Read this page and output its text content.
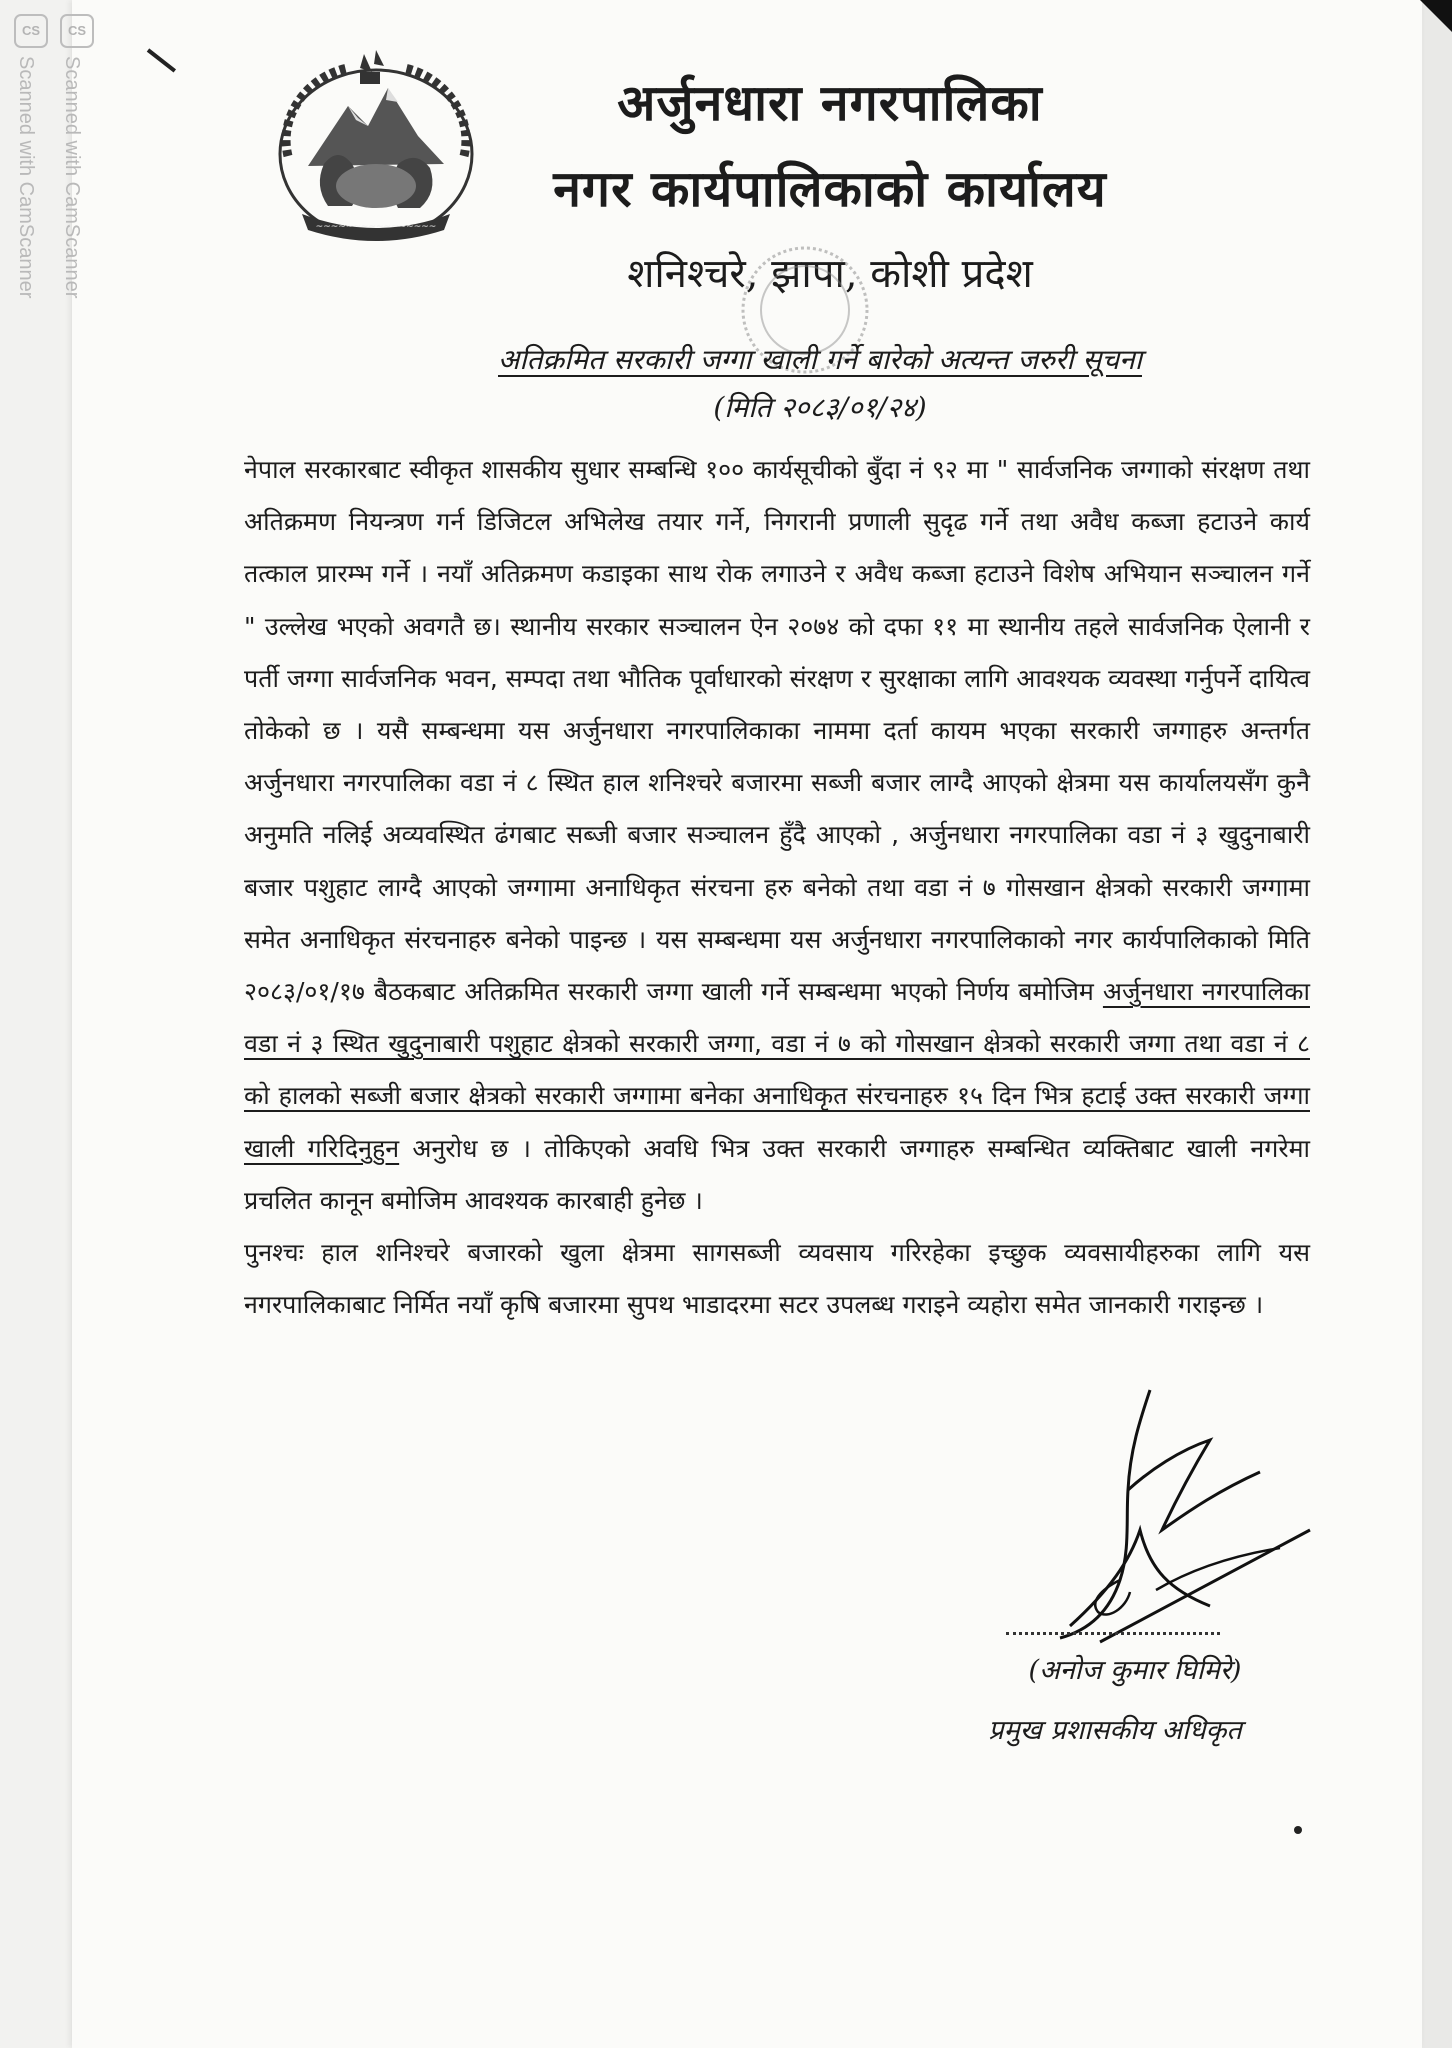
CS
Scanned with CamScanner
CS
Scanned with CamScanner	~~~~~~~~~~~~~~~~
अर्जुनधारा नगरपालिका
नगर कार्यपालिकाको कार्यालय
शनिश्चरे, झापा, कोशी प्रदेश
अतिक्रमित सरकारी जग्गा खाली गर्ने बारेको अत्यन्त जरुरी सूचना
(मिति २०८३/०१/२४)

नेपाल सरकारबाट स्वीकृत शासकीय सुधार सम्बन्धि १०० कार्यसूचीको बुँदा नं ९२ मा " सार्वजनिक जग्गाको संरक्षण तथा अतिक्रमण नियन्त्रण गर्न डिजिटल अभिलेख तयार गर्ने, निगरानी प्रणाली सुदृढ गर्ने तथा अवैध कब्जा हटाउने कार्य तत्काल प्रारम्भ गर्ने । नयाँ अतिक्रमण कडाइका साथ रोक लगाउने र अवैध कब्जा हटाउने विशेष अभियान सञ्चालन गर्ने " उल्लेख भएको अवगतै छ। स्थानीय सरकार सञ्चालन ऐन २०७४ को दफा ११ मा स्थानीय तहले सार्वजनिक ऐलानी र पर्ती जग्गा सार्वजनिक भवन, सम्पदा तथा भौतिक पूर्वाधारको संरक्षण र सुरक्षाका लागि आवश्यक व्यवस्था गर्नुपर्ने दायित्व तोकेको छ । यसै सम्बन्धमा यस अर्जुनधारा नगरपालिकाका नाममा दर्ता कायम भएका सरकारी जग्गाहरु अन्तर्गत अर्जुनधारा नगरपालिका वडा नं ८ स्थित हाल शनिश्चरे बजारमा सब्जी बजार लाग्दै आएको क्षेत्रमा यस कार्यालयसँग कुनै अनुमति नलिई अव्यवस्थित ढंगबाट सब्जी बजार सञ्चालन हुँदै आएको , अर्जुनधारा नगरपालिका वडा नं ३ खुदुनाबारी बजार पशुहाट लाग्दै आएको जग्गामा अनाधिकृत संरचना हरु बनेको तथा वडा नं ७ गोसखान क्षेत्रको सरकारी जग्गामा समेत अनाधिकृत संरचनाहरु बनेको पाइन्छ । यस सम्बन्धमा यस अर्जुनधारा नगरपालिकाको नगर कार्यपालिकाको मिति २०८३/०१/१७ बैठकबाट अतिक्रमित सरकारी जग्गा खाली गर्ने सम्बन्धमा भएको निर्णय बमोजिम अर्जुनधारा नगरपालिका वडा नं ३ स्थित खुदुनाबारी पशुहाट क्षेत्रको सरकारी जग्गा, वडा नं ७ को गोसखान क्षेत्रको सरकारी जग्गा तथा वडा नं ८ को हालको सब्जी बजार क्षेत्रको सरकारी जग्गामा बनेका अनाधिकृत संरचनाहरु १५ दिन भित्र हटाई उक्त सरकारी जग्गा खाली गरिदिनुहुन अनुरोध छ । तोकिएको अवधि भित्र उक्त सरकारी जग्गाहरु सम्बन्धित व्यक्तिबाट खाली नगरेमा प्रचलित कानून बमोजिम आवश्यक कारबाही हुनेछ ।

पुनश्चः हाल शनिश्चरे बजारको खुला क्षेत्रमा सागसब्जी व्यवसाय गरिरहेका इच्छुक व्यवसायीहरुका लागि यस नगरपालिकाबाट निर्मित नयाँ कृषि बजारमा सुपथ भाडादरमा सटर उपलब्ध गराइने व्यहोरा समेत जानकारी गराइन्छ ।

(अनोज कुमार घिमिरे)
प्रमुख प्रशासकीय अधिकृत
